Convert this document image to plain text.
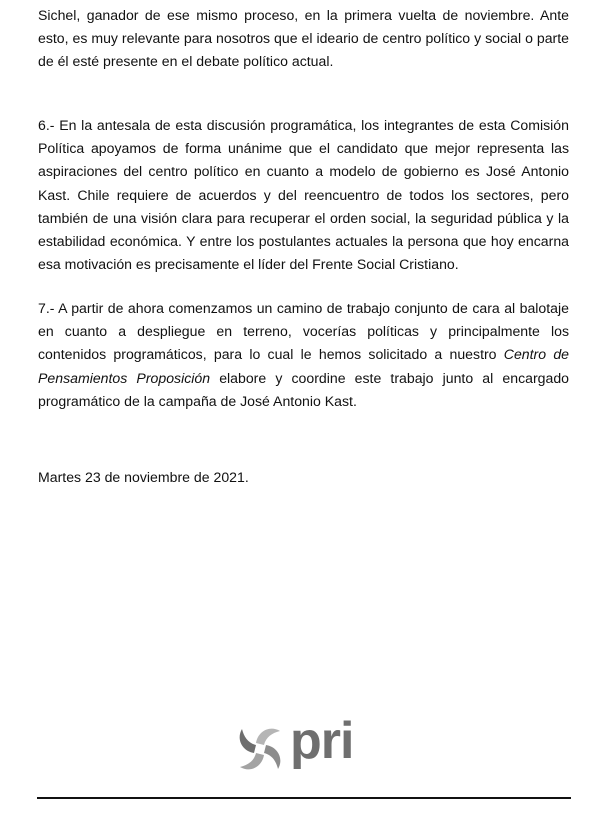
Sichel, ganador de ese mismo proceso, en la primera vuelta de noviembre. Ante esto, es muy relevante para nosotros que el ideario de centro político y social o parte de él esté presente en el debate político actual.

6.- En la antesala de esta discusión programática, los integrantes de esta Comisión Política apoyamos de forma unánime que el candidato que mejor representa las aspiraciones del centro político en cuanto a modelo de gobierno es José Antonio Kast. Chile requiere de acuerdos y del reencuentro de todos los sectores, pero también de una visión clara para recuperar el orden social, la seguridad pública y la estabilidad económica. Y entre los postulantes actuales la persona que hoy encarna esa motivación es precisamente el líder del Frente Social Cristiano.

7.- A partir de ahora comenzamos un camino de trabajo conjunto de cara al balotaje en cuanto a despliegue en terreno, vocerías políticas y principalmente los contenidos programáticos, para lo cual le hemos solicitado a nuestro Centro de Pensamientos Proposición elabore y coordine este trabajo junto al encargado programático de la campaña de José Antonio Kast.

Martes 23 de noviembre de 2021.

pri
